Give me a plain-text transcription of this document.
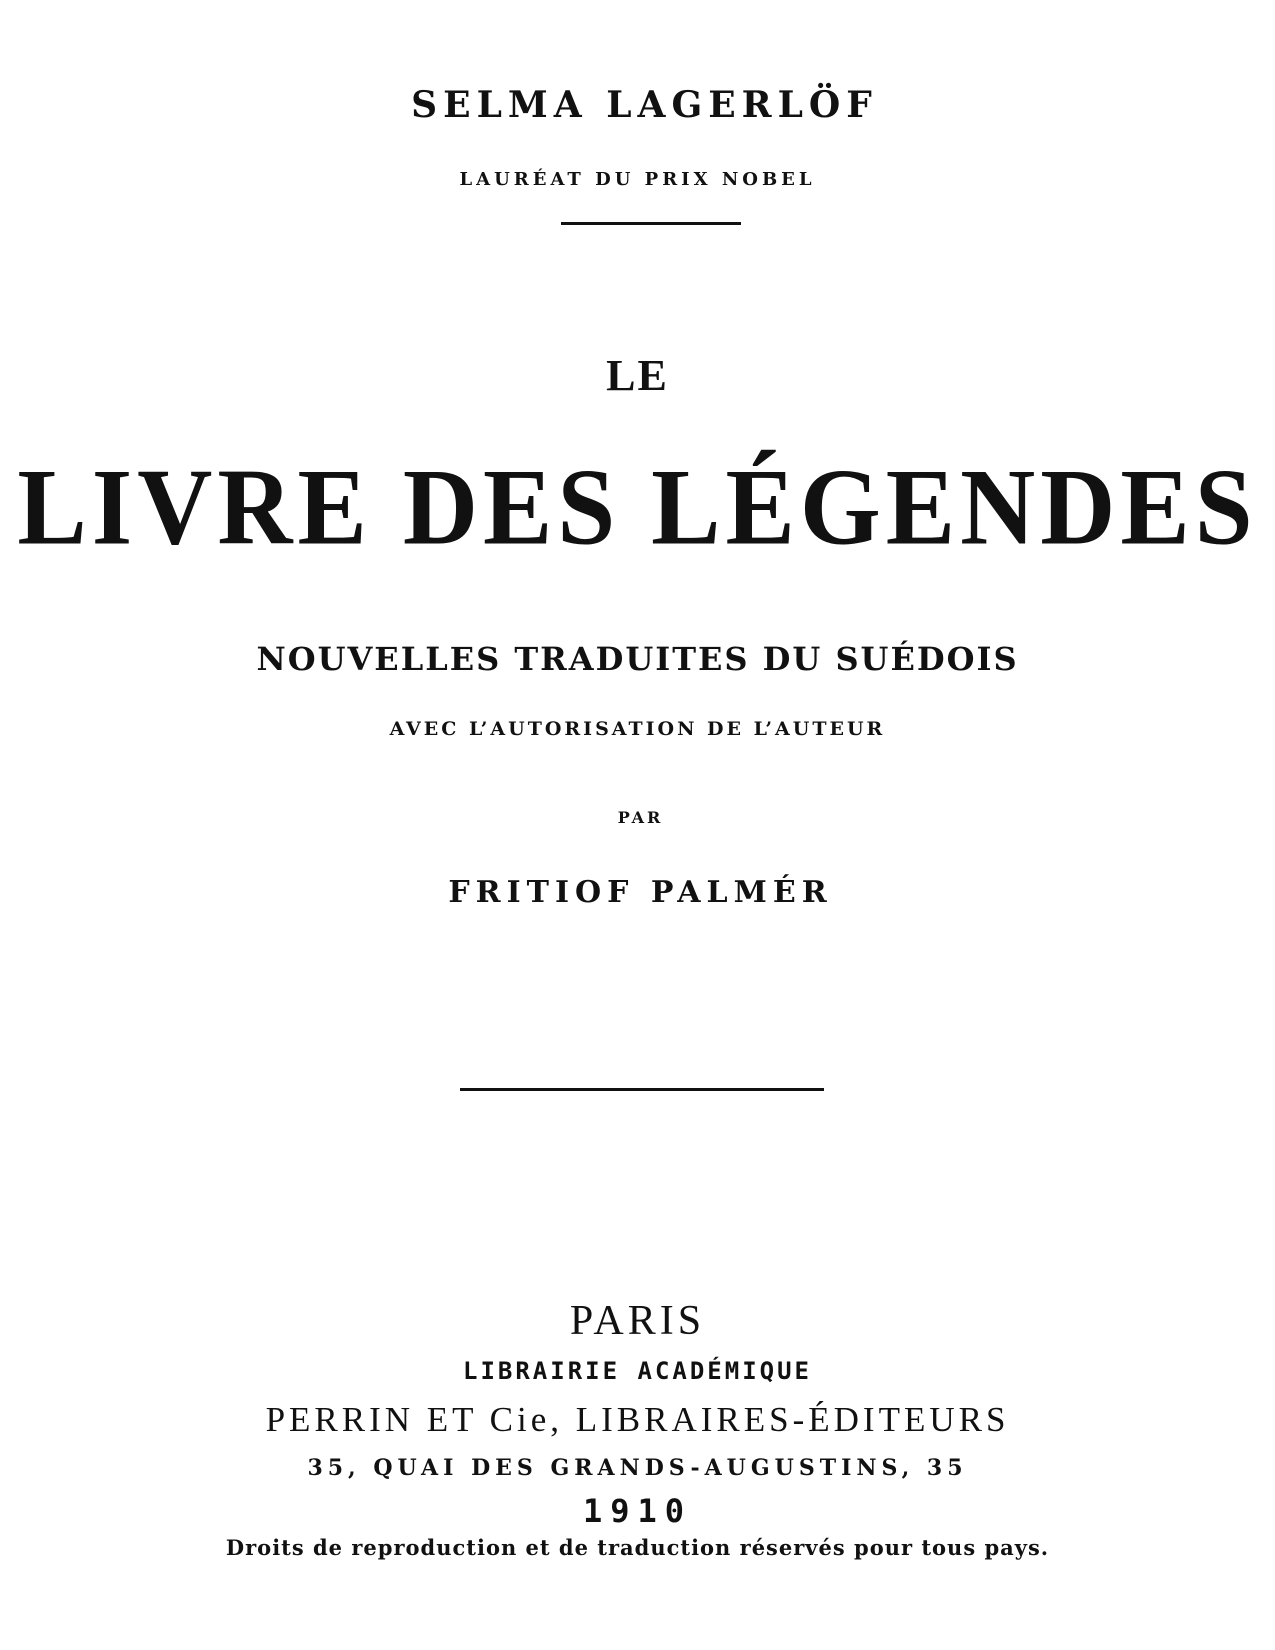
SELMA LAGERLÖF
LAURÉAT DU PRIX NOBEL
LE
LIVRE DES LÉGENDES
NOUVELLES TRADUITES DU SUÉDOIS
AVEC L’AUTORISATION DE L’AUTEUR
PAR
FRITIOF PALMÉR
PARIS
LIBRAIRIE ACADÉMIQUE
PERRIN ET Cie, LIBRAIRES-ÉDITEURS
35, QUAI DES GRANDS-AUGUSTINS, 35
1910
Droits de reproduction et de traduction réservés pour tous pays.
